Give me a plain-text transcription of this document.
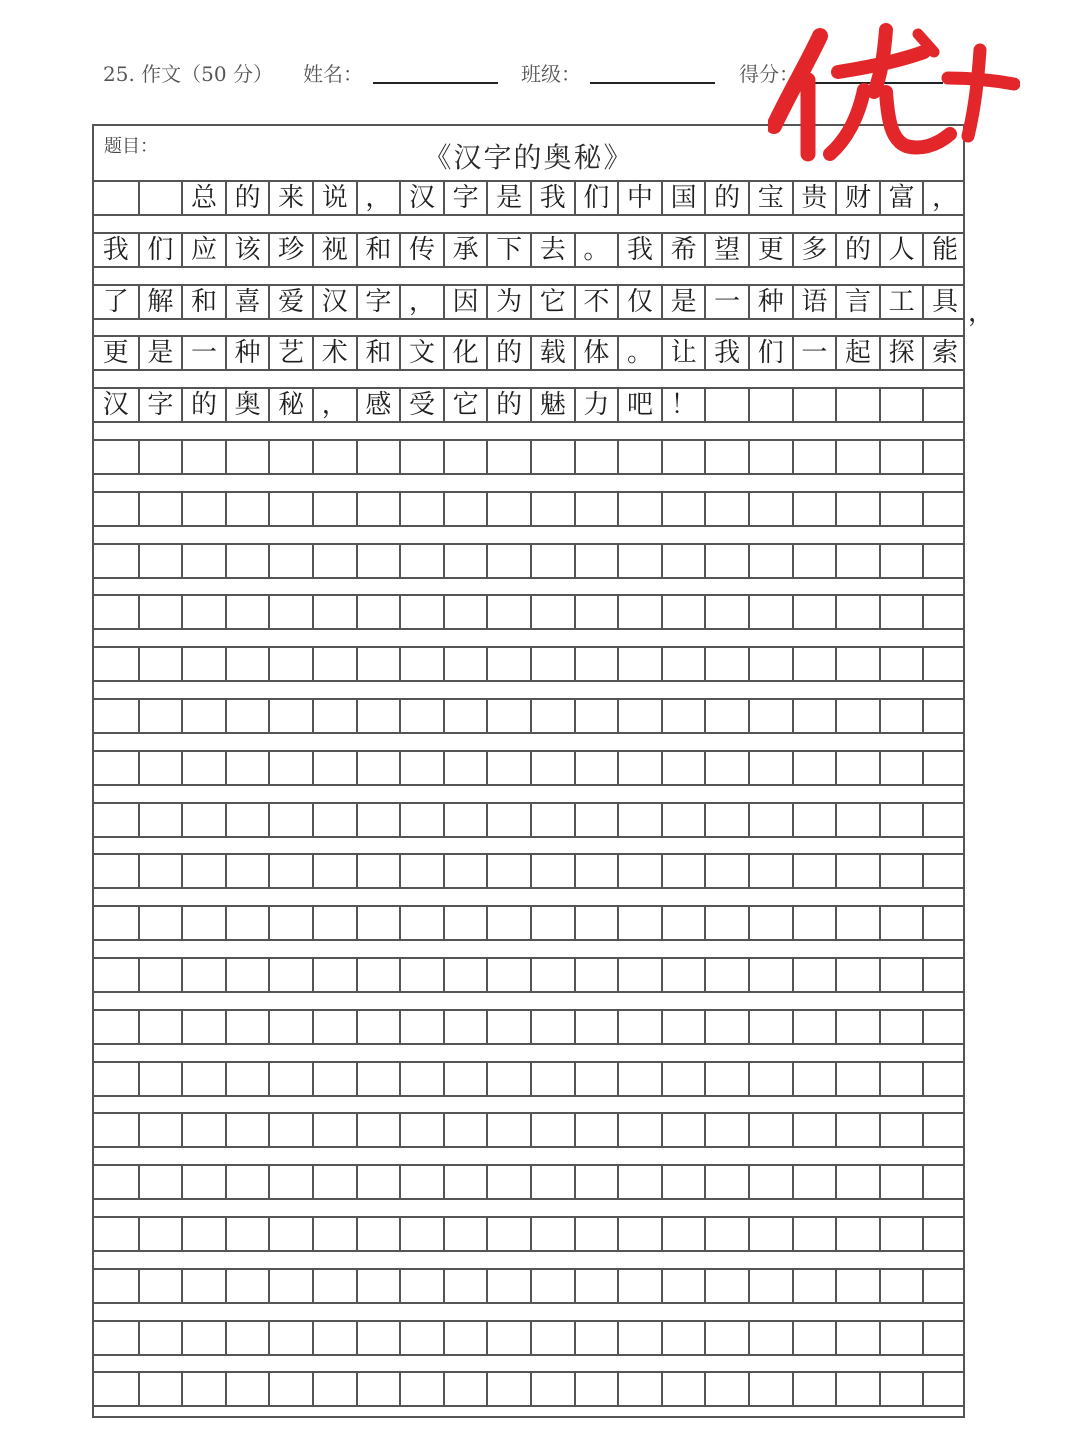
25. 作文（50 分） 姓名：	班级：	得分：
题目：	《汉字的奥秘》
总 的 来 说 ， 汉 字 是 我 们 中 国 的 宝 贵 财 富 ，
我 们 应 该 珍 视 和 传 承 下 去 。 我 希 望 更 多 的 人 能
了 解 和 喜 爱 汉 字 ， 因 为 它 不 仅 是 一 种 语 言 工 具
更 是 一 种 艺 术 和 文 化 的 载 体 。 让 我 们 一 起 探 索
汉 字 的 奥 秘 ， 感 受 它 的 魅 力 吧 ！
，
